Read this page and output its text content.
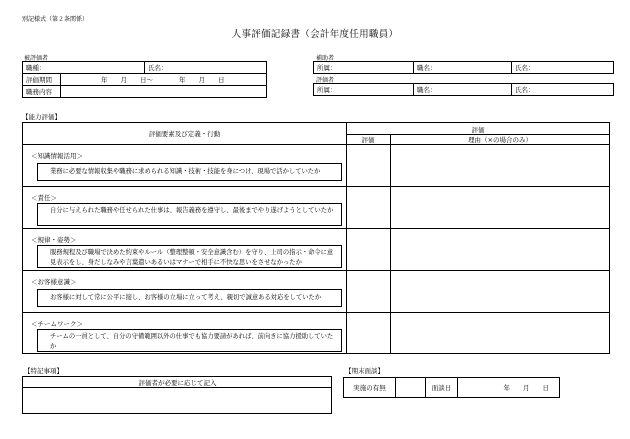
別記様式（第２条関係）
人事評価記録書（会計年度任用職員）
被評価者
職種：		氏名：
評価期間	年　　月　　日～　　　　年　　月　　日	
職務内容		
補助者
所属：	職名：	氏名：
評価者
所属：	職名：	氏名：
【能力評価】
評価要素及び定義・行動	評価
評価	理由（×の場合のみ）
＜知識情報活用＞
業務に必要な情報収集や職務に求められる知識・技術・技能を身につけ、現場で活かしていたか
＜責任＞
自分に与えられた職務や任せられた仕事は、報告義務を遵守し、最後までやり遂げようとしていたか
＜規律・姿勢＞
服務規程及び職場で決めた約束やルール（整理整頓・安全意識含む）を守り、上司の指示・命令に意見表示をし、身だしなみや言葉遣いあるいはマナーで相手に不快な思いをさせなかったか
＜お客様意識＞
お客様に対して常に公平に接し、お客様の立場に立って考え、親切で誠意ある対応をしていたか
＜チームワーク＞
チームの一員として、自分の守備範囲以外の仕事でも協力要請があれば、前向きに協力援助していたか
【特記事項】
評価者が必要に応じて記入
【期末面談】
実施の有無		面談日	年　　月　　日
